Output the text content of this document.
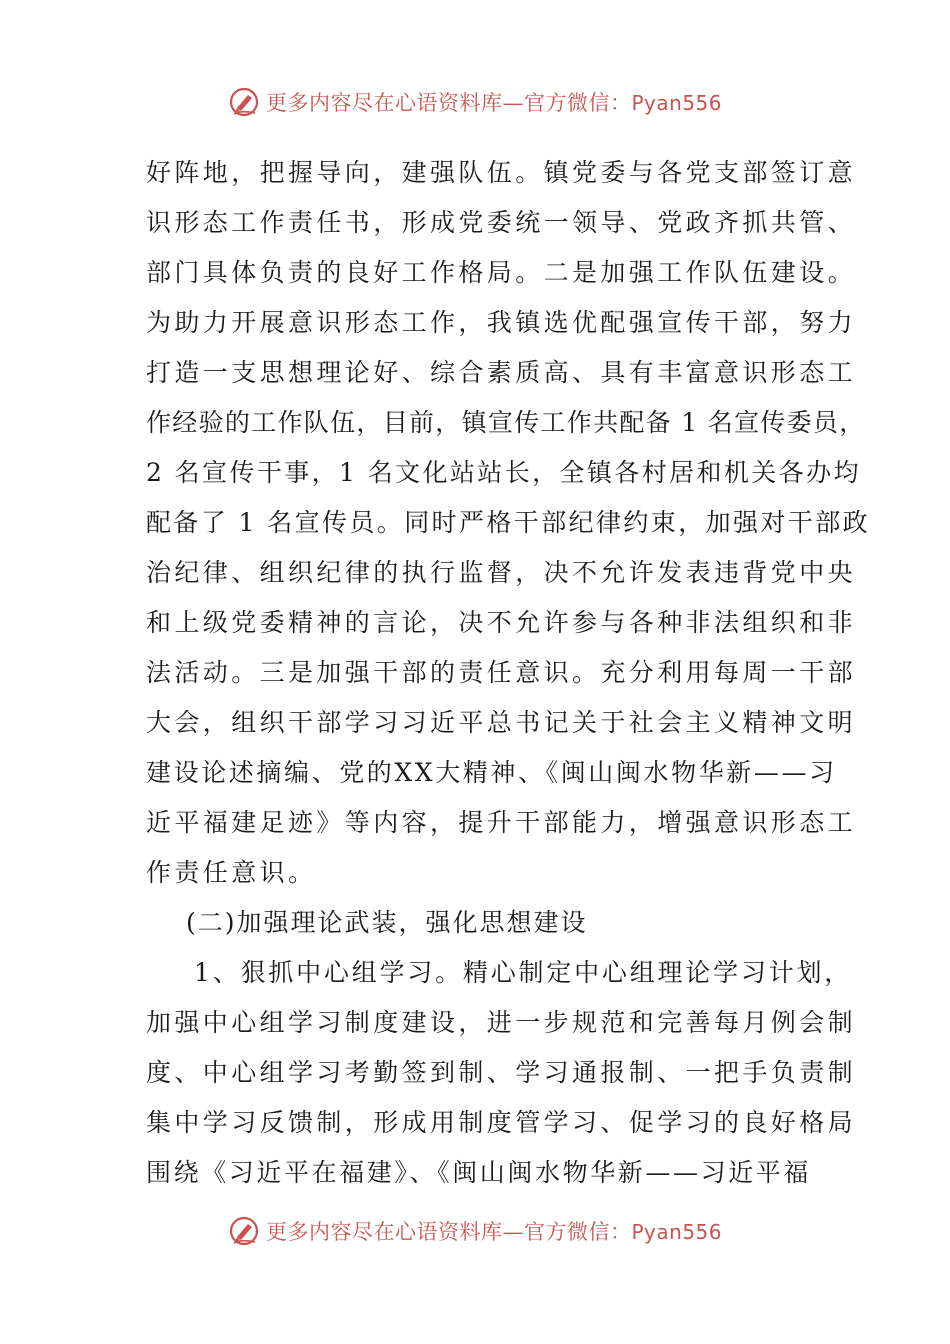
更多内容尽在心语资料库—官方微信：Pyan556
好阵地，把握导向，建强队伍。镇党委与各党支部签订意
识形态工作责任书，形成党委统一领导、党政齐抓共管、
部门具体负责的良好工作格局。二是加强工作队伍建设。
为助力开展意识形态工作，我镇选优配强宣传干部，努力
打造一支思想理论好、综合素质高、具有丰富意识形态工
作经验的工作队伍，目前，镇宣传工作共配备 1 名宣传委员，
2 名宣传干事，1 名文化站站长，全镇各村居和机关各办均
配备了 1 名宣传员。同时严格干部纪律约束，加强对干部政
治纪律、组织纪律的执行监督，决不允许发表违背党中央
和上级党委精神的言论，决不允许参与各种非法组织和非
法活动。三是加强干部的责任意识。充分利用每周一干部
大会，组织干部学习习近平总书记关于社会主义精神文明
建设论述摘编、党的XX大精神、《闽山闽水物华新——习
近平福建足迹》等内容，提升干部能力，增强意识形态工
作责任意识。
(二)加强理论武装，强化思想建设
1、狠抓中心组学习。精心制定中心组理论学习计划，
加强中心组学习制度建设，进一步规范和完善每月例会制
度、中心组学习考勤签到制、学习通报制、一把手负责制
集中学习反馈制，形成用制度管学习、促学习的良好格局
围绕《习近平在福建》、《闽山闽水物华新——习近平福
更多内容尽在心语资料库—官方微信：Pyan556
